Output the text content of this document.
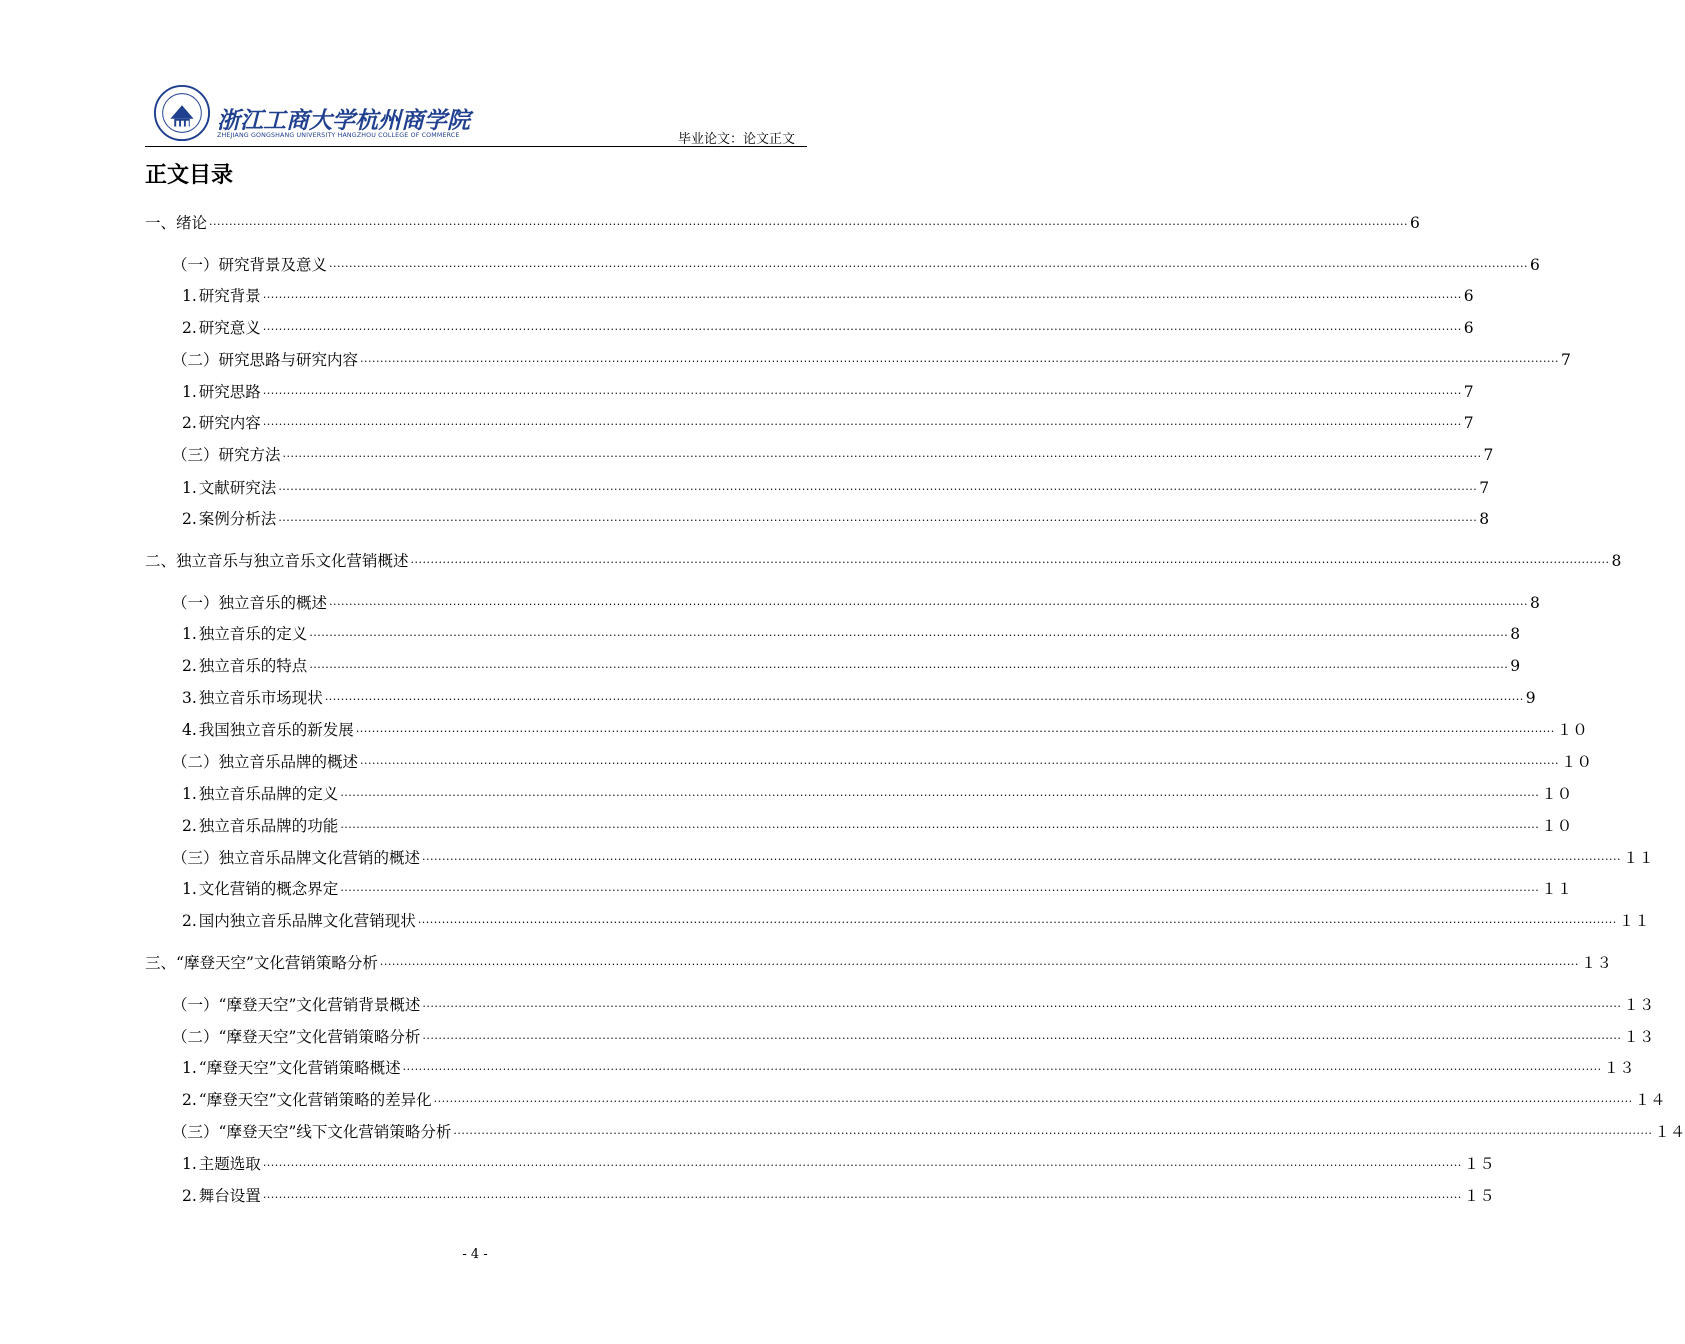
浙江工商大学杭州商学院
ZHEJIANG GONGSHANG UNIVERSITY HANGZHOU COLLEGE OF COMMERCE	毕业论文：论文正文
正文目录
一、 绪论 ............................................................................................................................................................................................................................................................................................................ 6
（一） 研究背景及意义 ............................................................................................................................................................................................................................................................................................................ 6
1. 研究背景 ............................................................................................................................................................................................................................................................................................................ 6
2. 研究意义 ............................................................................................................................................................................................................................................................................................................ 6
（二） 研究思路与研究内容 ............................................................................................................................................................................................................................................................................................................ 7
1. 研究思路 ............................................................................................................................................................................................................................................................................................................ 7
2. 研究内容 ............................................................................................................................................................................................................................................................................................................ 7
（三） 研究方法 ............................................................................................................................................................................................................................................................................................................ 7
1. 文献研究法 ............................................................................................................................................................................................................................................................................................................ 7
2. 案例分析法 ............................................................................................................................................................................................................................................................................................................ 8
二、 独立音乐与独立音乐文化营销概述 ............................................................................................................................................................................................................................................................................................................ 8
（一） 独立音乐的概述 ............................................................................................................................................................................................................................................................................................................ 8
1. 独立音乐的定义 ............................................................................................................................................................................................................................................................................................................ 8
2. 独立音乐的特点 ............................................................................................................................................................................................................................................................................................................ 9
3. 独立音乐市场现状 ............................................................................................................................................................................................................................................................................................................ 9
4. 我国独立音乐的新发展 ............................................................................................................................................................................................................................................................................................................ １０
（二） 独立音乐品牌的概述 ............................................................................................................................................................................................................................................................................................................ １０
1. 独立音乐品牌的定义 ............................................................................................................................................................................................................................................................................................................ １０
2. 独立音乐品牌的功能 ............................................................................................................................................................................................................................................................................................................ １０
（三） 独立音乐品牌文化营销的概述 ............................................................................................................................................................................................................................................................................................................ １１
1. 文化营销的概念界定 ............................................................................................................................................................................................................................................................................................................ １１
2. 国内独立音乐品牌文化营销现状 ............................................................................................................................................................................................................................................................................................................ １１
三、 “摩登天空”文化营销策略分析 ............................................................................................................................................................................................................................................................................................................ １３
（一） “摩登天空”文化营销背景概述 ............................................................................................................................................................................................................................................................................................................ １３
（二） “摩登天空”文化营销策略分析 ............................................................................................................................................................................................................................................................................................................ １３
1. “摩登天空”文化营销策略概述 ............................................................................................................................................................................................................................................................................................................ １３
2. “摩登天空”文化营销策略的差异化 ............................................................................................................................................................................................................................................................................................................ １４
（三） “摩登天空”线下文化营销策略分析 ............................................................................................................................................................................................................................................................................................................ １４
1. 主题选取 ............................................................................................................................................................................................................................................................................................................ １５
2. 舞台设置 ............................................................................................................................................................................................................................................................................................................ １５
- 4 -
